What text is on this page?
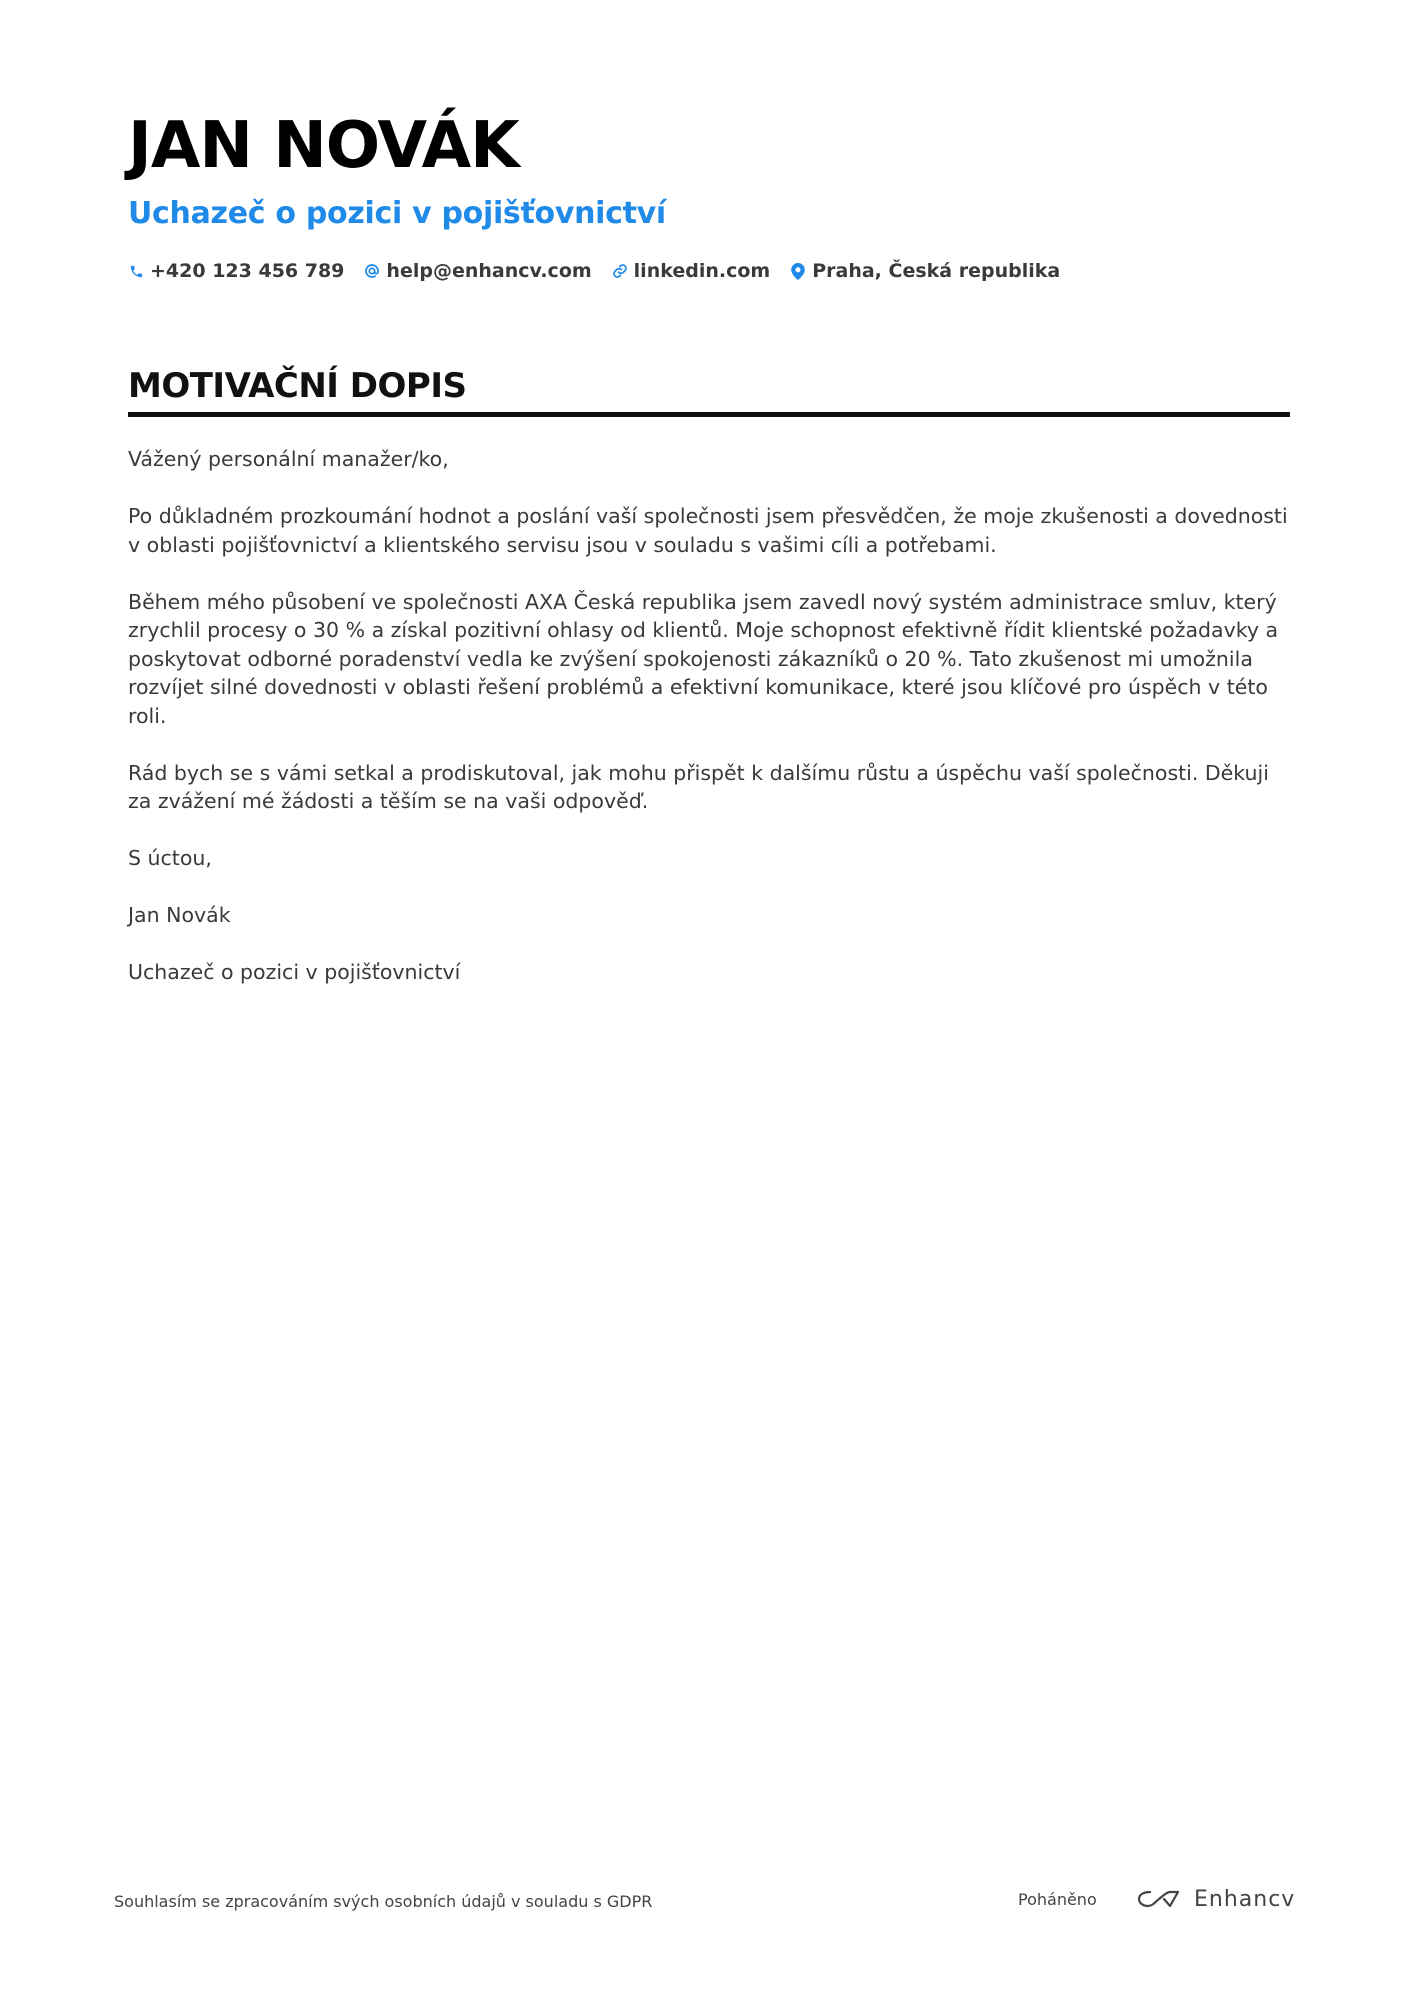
JAN NOVÁK
Uchazeč o pozici v pojišťovnictví
+420 123 456 789 help@enhancv.com linkedin.com Praha, Česká republika
MOTIVAČNÍ DOPIS

Vážený personální manažer/ko,

Po důkladném prozkoumání hodnot a poslání vaší společnosti jsem přesvědčen, že moje zkušenosti a dovednosti v oblasti pojišťovnictví a klientského servisu jsou v souladu s vašimi cíli a potřebami.

Během mého působení ve společnosti AXA Česká republika jsem zavedl nový systém administrace smluv, který zrychlil procesy o 30 % a získal pozitivní ohlasy od klientů. Moje schopnost efektivně řídit klientské požadavky a poskytovat odborné poradenství vedla ke zvýšení spokojenosti zákazníků o 20 %. Tato zkušenost mi umožnila rozvíjet silné dovednosti v oblasti řešení problémů a efektivní komunikace, které jsou klíčové pro úspěch v této roli.

Rád bych se s vámi setkal a prodiskutoval, jak mohu přispět k dalšímu růstu a úspěchu vaší společnosti. Děkuji za zvážení mé žádosti a těším se na vaši odpověď.

S úctou,

Jan Novák

Uchazeč o pozici v pojišťovnictví

Souhlasím se zpracováním svých osobních údajů v souladu s GDPR	Poháněno	Enhancv
